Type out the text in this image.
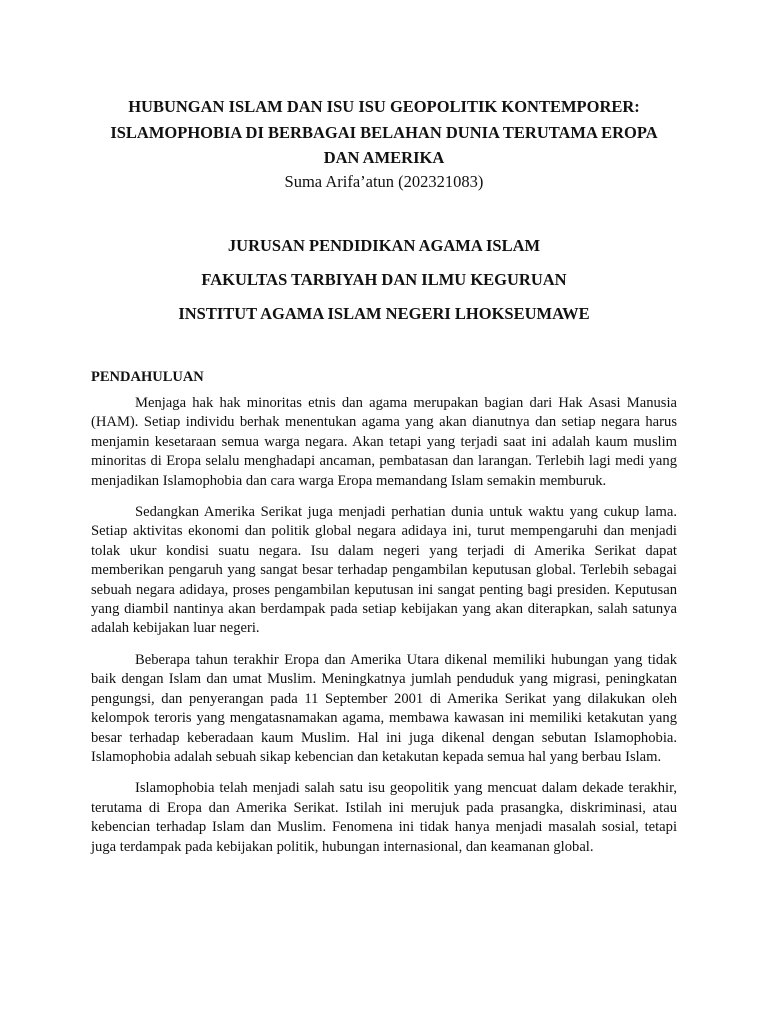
HUBUNGAN ISLAM DAN ISU ISU GEOPOLITIK KONTEMPORER:
ISLAMOPHOBIA DI BERBAGAI BELAHAN DUNIA TERUTAMA EROPA
DAN AMERIKA

Suma Arifa’atun (202321083)

JURUSAN PENDIDIKAN AGAMA ISLAM

FAKULTAS TARBIYAH DAN ILMU KEGURUAN

INSTITUT AGAMA ISLAM NEGERI LHOKSEUMAWE

PENDAHULUAN

Menjaga hak hak minoritas etnis dan agama merupakan bagian dari Hak Asasi Manusia (HAM). Setiap individu berhak menentukan agama yang akan dianutnya dan setiap negara harus menjamin kesetaraan semua warga negara. Akan tetapi yang terjadi saat ini adalah kaum muslim minoritas di Eropa selalu menghadapi ancaman, pembatasan dan larangan. Terlebih lagi medi yang menjadikan Islamophobia dan cara warga Eropa memandang Islam semakin memburuk.

Sedangkan Amerika Serikat juga menjadi perhatian dunia untuk waktu yang cukup lama. Setiap aktivitas ekonomi dan politik global negara adidaya ini, turut mempengaruhi dan menjadi tolak ukur kondisi suatu negara. Isu dalam negeri yang terjadi di Amerika Serikat dapat memberikan pengaruh yang sangat besar terhadap pengambilan keputusan global. Terlebih sebagai sebuah negara adidaya, proses pengambilan keputusan ini sangat penting bagi presiden. Keputusan yang diambil nantinya akan berdampak pada setiap kebijakan yang akan diterapkan, salah satunya adalah kebijakan luar negeri.

Beberapa tahun terakhir Eropa dan Amerika Utara dikenal memiliki hubungan yang tidak baik dengan Islam dan umat Muslim. Meningkatnya jumlah penduduk yang migrasi, peningkatan pengungsi, dan penyerangan pada 11 September 2001 di Amerika Serikat yang dilakukan oleh kelompok teroris yang mengatasnamakan agama, membawa kawasan ini memiliki ketakutan yang besar terhadap keberadaan kaum Muslim. Hal ini juga dikenal dengan sebutan Islamophobia. Islamophobia adalah sebuah sikap kebencian dan ketakutan kepada semua hal yang berbau Islam.

Islamophobia telah menjadi salah satu isu geopolitik yang mencuat dalam dekade terakhir, terutama di Eropa dan Amerika Serikat. Istilah ini merujuk pada prasangka, diskriminasi, atau kebencian terhadap Islam dan Muslim. Fenomena ini tidak hanya menjadi masalah sosial, tetapi juga terdampak pada kebijakan politik, hubungan internasional, dan keamanan global.
